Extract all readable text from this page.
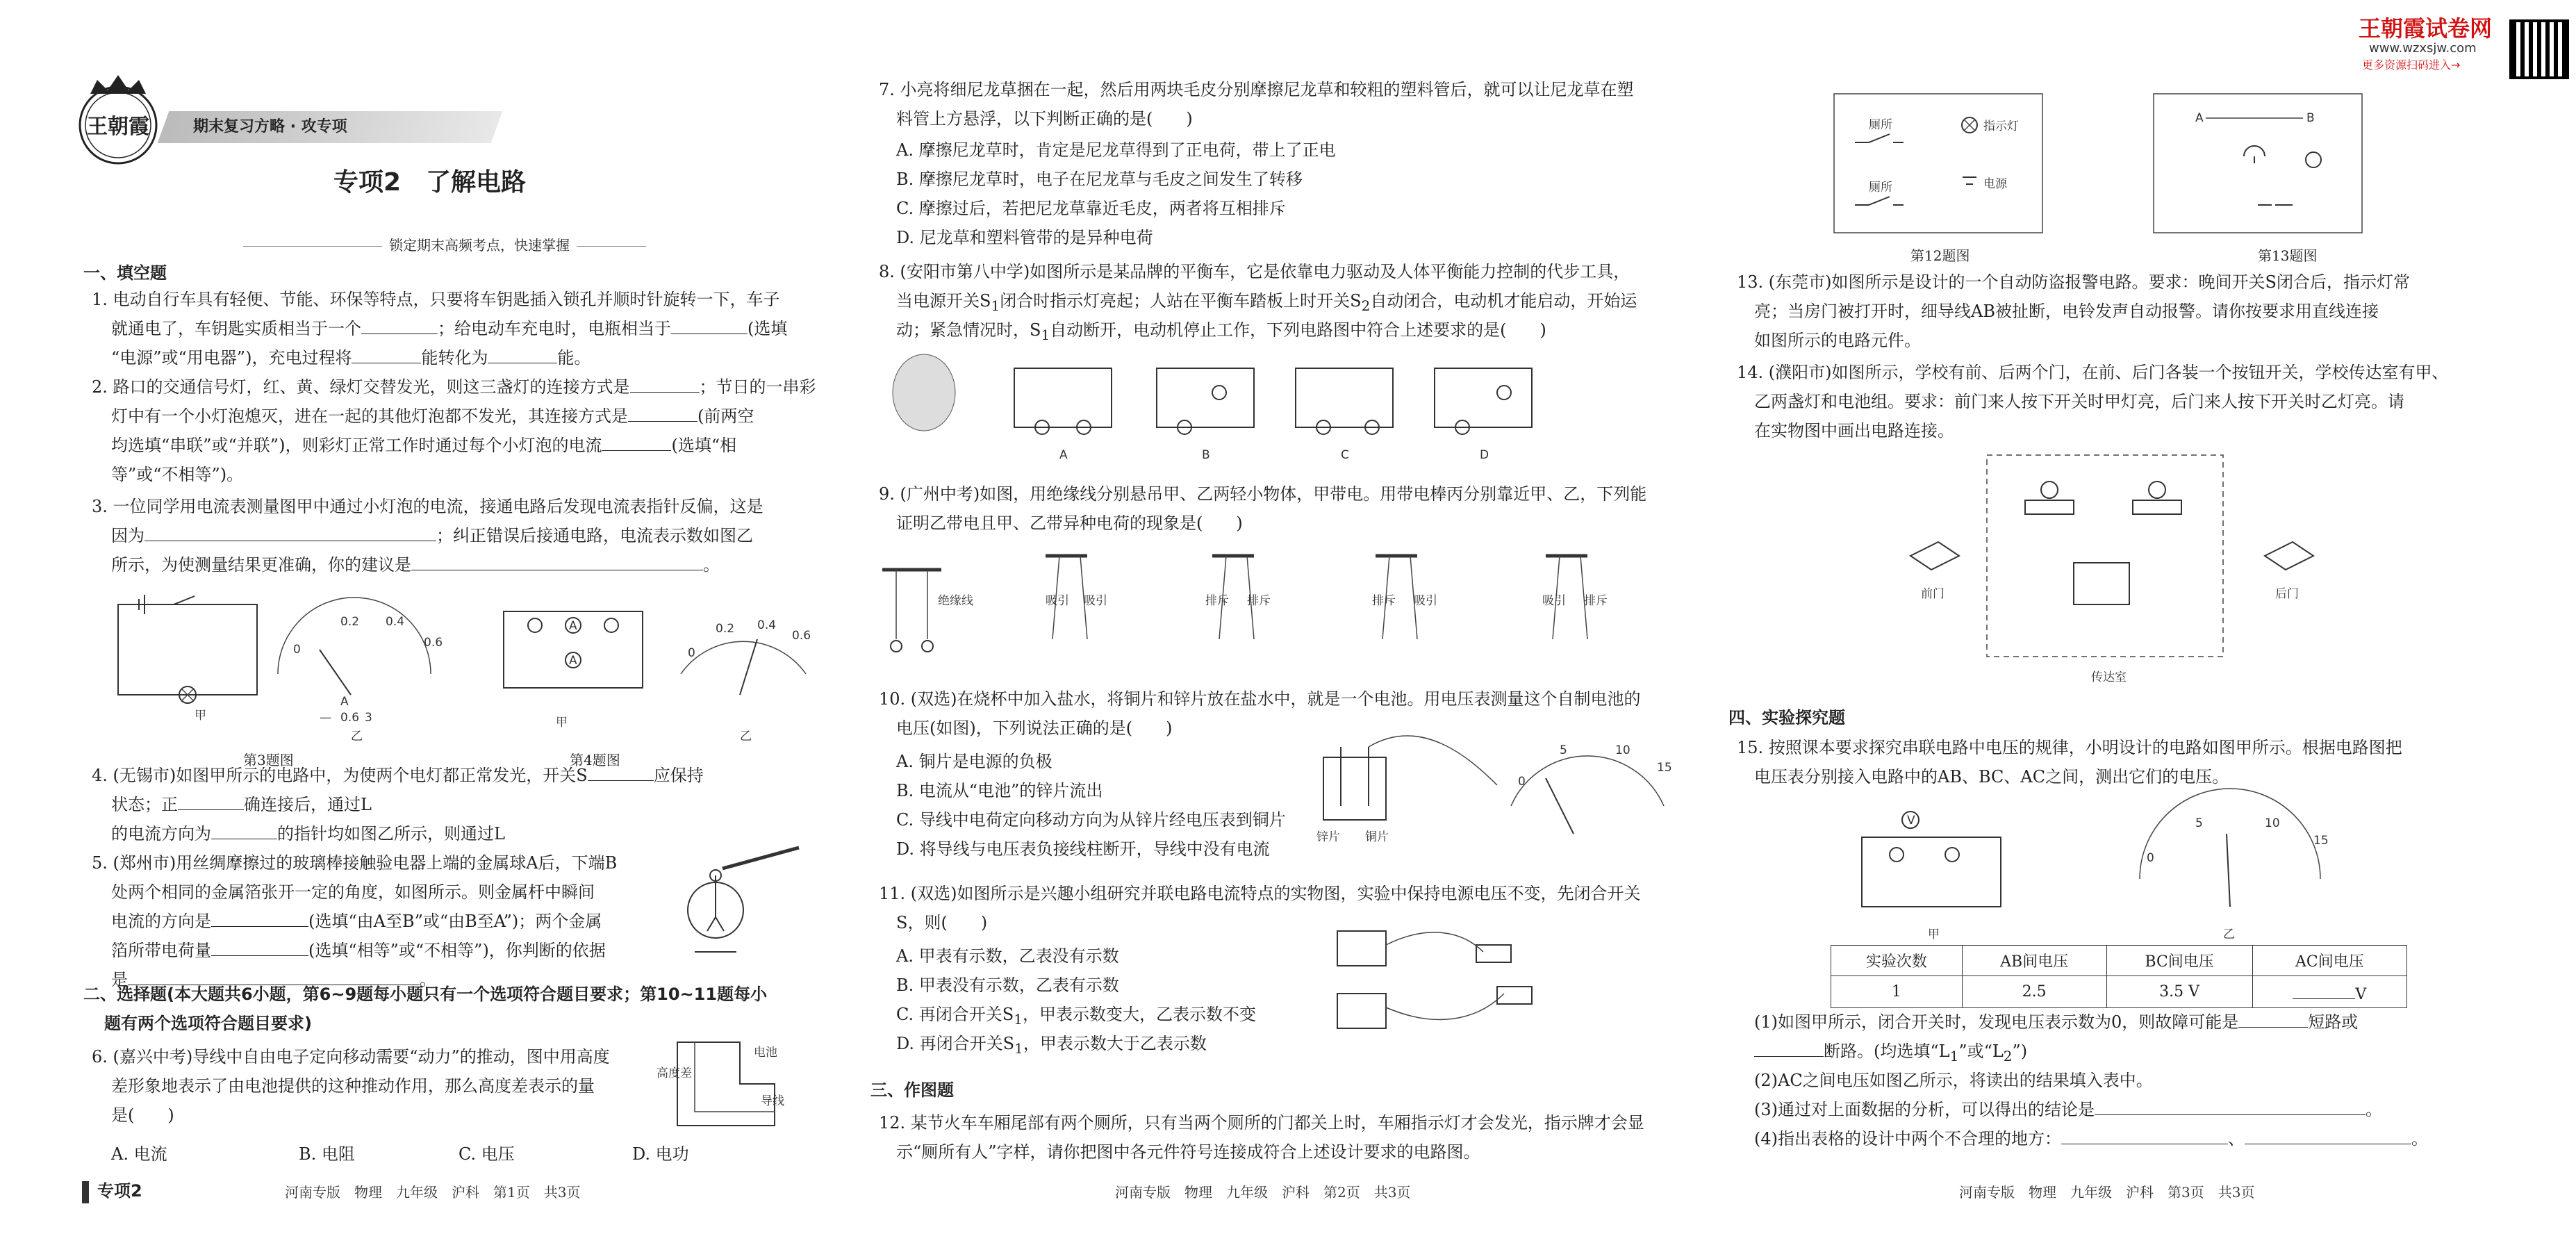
王朝霞	期末复习方略 · 攻专项
专项2　了解电路
锁定期末高频考点，快速掌握
一、填空题
1. 电动自行车具有轻便、节能、环保等特点，只要将车钥匙插入锁孔并顺时针旋转一下，车子
就通电了，车钥匙实质相当于一个	；给电动车充电时，电瓶相当于	(选填
“电源”或“用电器”)，充电过程将	能转化为	能。
2. 路口的交通信号灯，红、黄、绿灯交替发光，则这三盏灯的连接方式是	；节日的一串彩
灯中有一个小灯泡熄灭，进在一起的其他灯泡都不发光，其连接方式是	(前两空
均选填“串联”或“并联”)，则彩灯正常工作时通过每个小灯泡的电流	(选填“相
等”或“不相等”)。
3. 一位同学用电流表测量图甲中通过小灯泡的电流，接通电路后发现电流表指针反偏，这是
因为	；纠正错误后接通电路，电流表示数如图乙
所示，为使测量结果更准确，你的建议是	。
甲
0
0.2 0.4
0.6
A
— 0.6 3
乙
A
A
甲
0
0.2 0.4
0.6
乙
第3题图	第4题图
4. (无锡市)如图甲所示的电路中，为使两个电灯都正常发光，开关S	应保持
状态；正	确连接后，通过L
的电流方向为	的指针均如图乙所示，则通过L
5. (郑州市)用丝绸摩擦过的玻璃棒接触验电器上端的金属球A后，下端B
处两个相同的金属箔张开一定的角度，如图所示。则金属杆中瞬间
电流的方向是	(选填“由A至B”或“由B至A”)；两个金属
箔所带电荷量	(选填“相等”或“不相等”)，你判断的依据
是	。
二、选择题(本大题共6小题，第6~9题每小题只有一个选项符合题目要求；第10~11题每小
题有两个选项符合题目要求)
6. (嘉兴中考)导线中自由电子定向移动需要“动力”的推动，图中用高度
差形象地表示了由电池提供的这种推动作用，那么高度差表示的量
是(　　)
A. 电流	B. 电阻	C. 电压	D. 电功
高度差
电池
导线
专项2	河南专版　物理　九年级　沪科　第1页　共3页
7. 小亮将细尼龙草捆在一起，然后用两块毛皮分别摩擦尼龙草和较粗的塑料管后，就可以让尼龙草在塑
料管上方悬浮，以下判断正确的是(　　)
A. 摩擦尼龙草时，肯定是尼龙草得到了正电荷，带上了正电
B. 摩擦尼龙草时，电子在尼龙草与毛皮之间发生了转移
C. 摩擦过后，若把尼龙草靠近毛皮，两者将互相排斥
D. 尼龙草和塑料管带的是异种电荷
8. (安阳市第八中学)如图所示是某品牌的平衡车，它是依靠电力驱动及人体平衡能力控制的代步工具，
当电源开关$S_1$闭合时指示灯亮起；人站在平衡车踏板上时开关$S_2$自动闭合，电动机才能启动，开始运
动；紧急情况时，$S_1$自动断开，电动机停止工作，下列电路图中符合上述要求的是(　　)
A	B	C	D
9. (广州中考)如图，用绝缘线分别悬吊甲、乙两轻小物体，甲带电。用带电棒丙分别靠近甲、乙，下列能
证明乙带电且甲、乙带异种电荷的现象是(　　)
绝缘线	吸引 吸引	排斥 排斥	排斥 吸引	吸引 排斥
10. (双选)在烧杯中加入盐水，将铜片和锌片放在盐水中，就是一个电池。用电压表测量这个自制电池的
电压(如图)，下列说法正确的是(　　)
A. 铜片是电源的负极
B. 电流从“电池”的锌片流出
C. 导线中电荷定向移动方向为从锌片经电压表到铜片
D. 将导线与电压表负接线柱断开，导线中没有电流
0
5	10
15
锌片 铜片
11. (双选)如图所示是兴趣小组研究并联电路电流特点的实物图，实验中保持电源电压不变，先闭合开关
S，则(　　)
A. 甲表有示数，乙表没有示数
B. 甲表没有示数，乙表有示数
C. 再闭合开关$S_1$，甲表示数变大，乙表示数不变
D. 再闭合开关$S_1$，甲表示数大于乙表示数
三、作图题
12. 某节火车车厢尾部有两个厕所，只有当两个厕所的门都关上时，车厢指示灯才会发光，指示牌才会显
示“厕所有人”字样，请你把图中各元件符号连接成符合上述设计要求的电路图。
河南专版　物理　九年级　沪科　第2页　共3页
厕所
厕所
指示灯
电源
A	B
第12题图	第13题图
13. (东莞市)如图所示是设计的一个自动防盗报警电路。要求：晚间开关S闭合后，指示灯常
亮；当房门被打开时，细导线AB被扯断，电铃发声自动报警。请你按要求用直线连接
如图所示的电路元件。
14. (濮阳市)如图所示，学校有前、后两个门，在前、后门各装一个按钮开关，学校传达室有甲、
乙两盏灯和电池组。要求：前门来人按下开关时甲灯亮，后门来人按下开关时乙灯亮。请
在实物图中画出电路连接。
前门	后门
传达室
四、实验探究题
15. 按照课本要求探究串联电路中电压的规律，小明设计的电路如图甲所示。根据电路图把
电压表分别接入电路中的AB、BC、AC之间，测出它们的电压。
V
甲
0
5	10
15
乙
实验次数	AB间电压	BC间电压	AC间电压
1	2.5	3.5 V	V
(1)如图甲所示，闭合开关时，发现电压表示数为0，则故障可能是	短路或
断路。(均选填“$L_1$”或“$L_2$”)
(2)AC之间电压如图乙所示，将读出的结果填入表中。
(3)通过对上面数据的分析，可以得出的结论是	。
(4)指出表格的设计中两个不合理的地方：	、	。
河南专版　物理　九年级　沪科　第3页　共3页
王朝霞试卷网
www.wzxsjw.com
更多资源扫码进入→
